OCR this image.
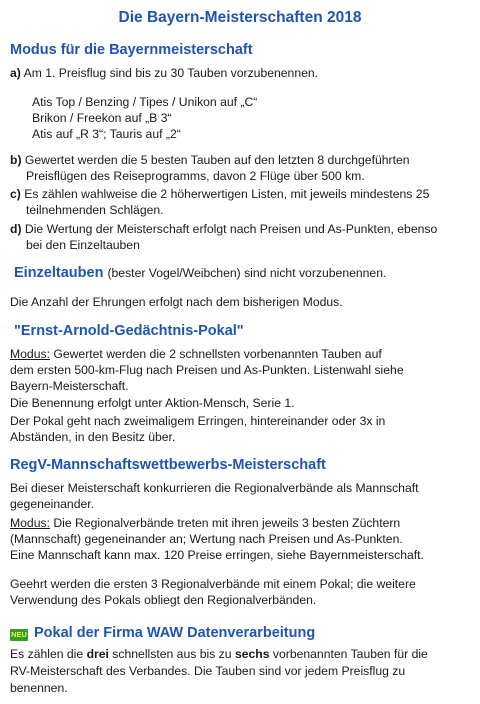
Die Bayern-Meisterschaften 2018
Modus für die Bayernmeisterschaft
a) Am 1. Preisflug sind bis zu 30 Tauben vorzubenennen.
Atis Top / Benzing / Tipes / Unikon auf „C“
Brikon / Freekon auf „B 3“
Atis auf „R 3“; Tauris auf „2“
b) Gewertet werden die 5 besten Tauben auf den letzten 8 durchgeführten
Preisflügen des Reiseprogramms, davon 2 Flüge über 500 km.
c) Es zählen wahlweise die 2 höherwertigen Listen, mit jeweils mindestens 25
teilnehmenden Schlägen.
d) Die Wertung der Meisterschaft erfolgt nach Preisen und As-Punkten, ebenso
bei den Einzeltauben
Einzeltauben (bester Vogel/Weibchen) sind nicht vorzubenennen.
Die Anzahl der Ehrungen erfolgt nach dem bisherigen Modus.
"Ernst-Arnold-Gedächtnis-Pokal"
Modus: Gewertet werden die 2 schnellsten vorbenannten Tauben auf
dem ersten 500-km-Flug nach Preisen und As-Punkten. Listenwahl siehe
Bayern-Meisterschaft.
Die Benennung erfolgt unter Aktion-Mensch, Serie 1.
Der Pokal geht nach zweimaligem Erringen, hintereinander oder 3x in
Abständen, in den Besitz über.
RegV-Mannschaftswettbewerbs-Meisterschaft
Bei dieser Meisterschaft konkurrieren die Regionalverbände als Mannschaft
gegeneinander.
Modus: Die Regionalverbände treten mit ihren jeweils 3 besten Züchtern
(Mannschaft) gegeneinander an; Wertung nach Preisen und As-Punkten.
Eine Mannschaft kann max. 120 Preise erringen, siehe Bayernmeisterschaft.
Geehrt werden die ersten 3 Regionalverbände mit einem Pokal; die weitere
Verwendung des Pokals obliegt den Regionalverbänden.
NEU Pokal der Firma WAW Datenverarbeitung
Es zählen die drei schnellsten aus bis zu sechs vorbenannten Tauben für die
RV-Meisterschaft des Verbandes. Die Tauben sind vor jedem Preisflug zu
benennen.
